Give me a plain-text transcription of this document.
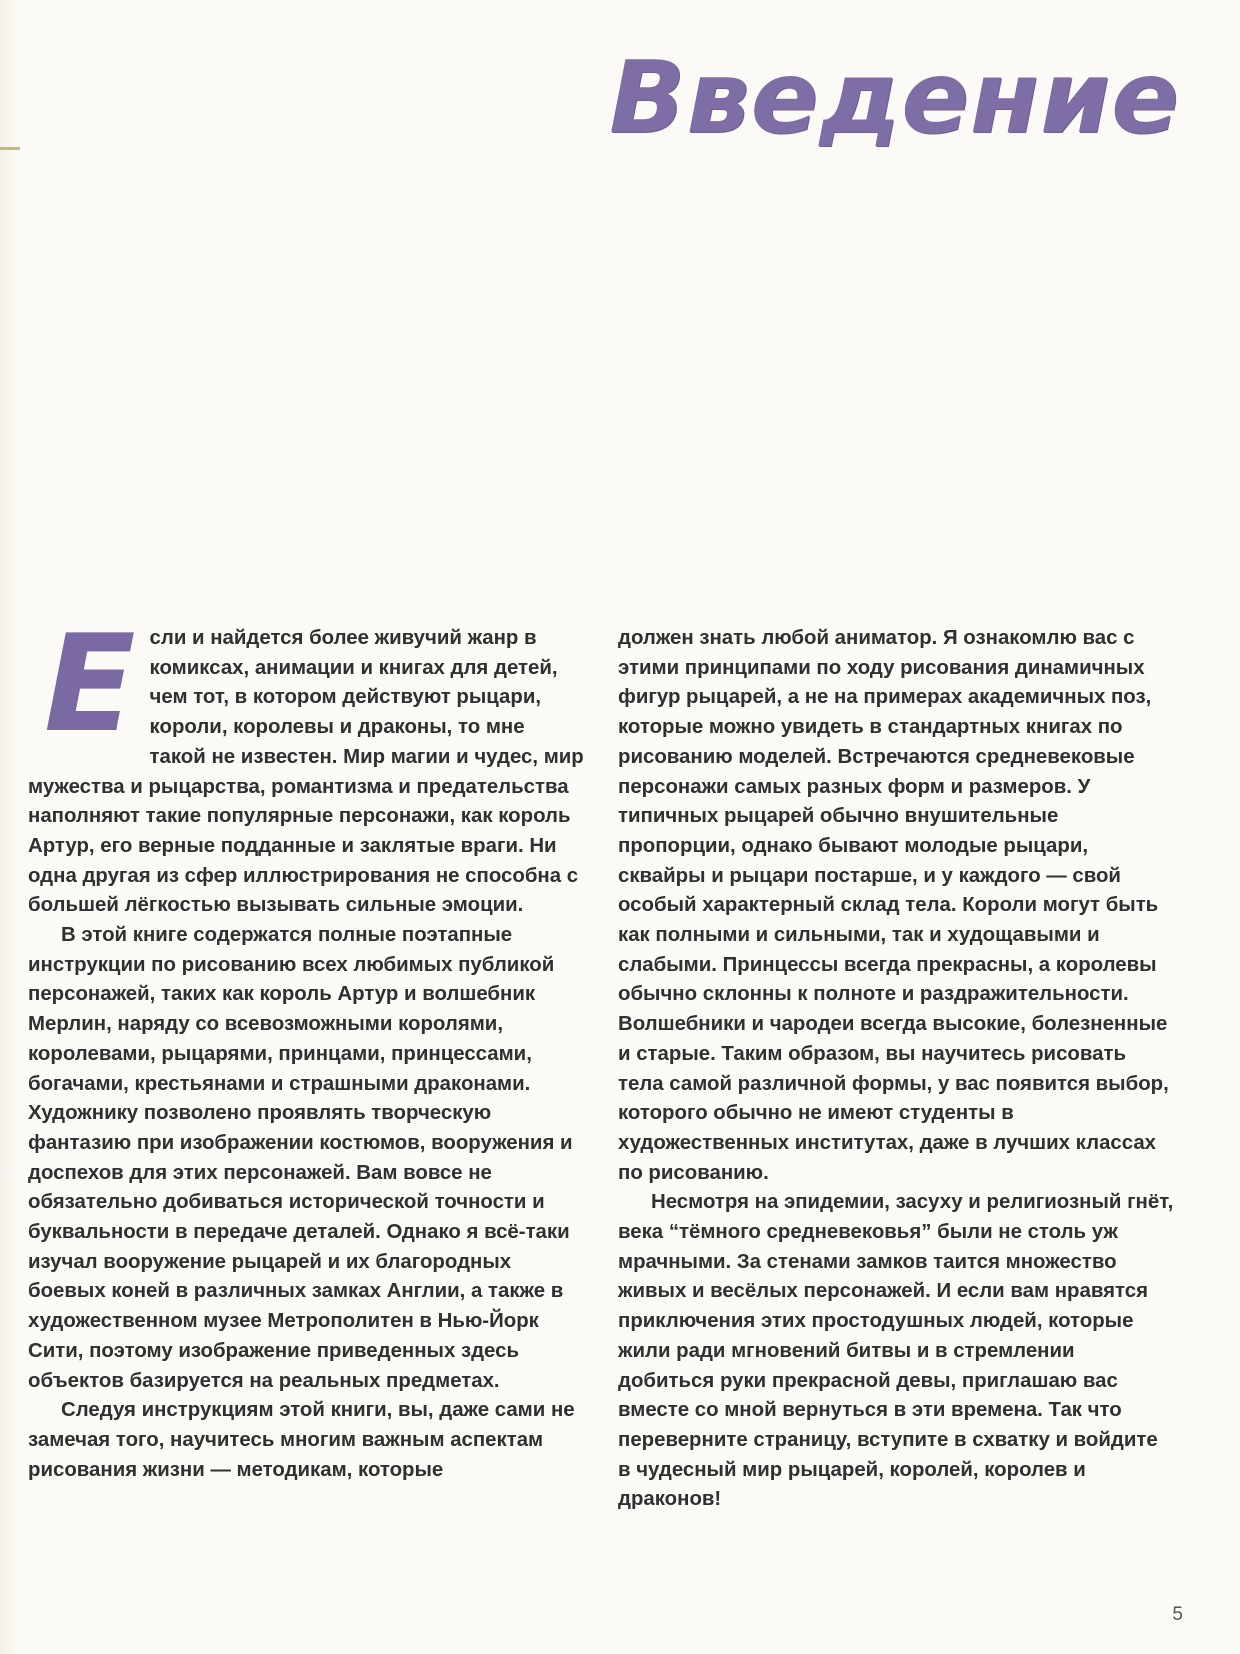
Введение

Если и найдется более живучий жанр в комиксах, анимации и книгах для детей, чем тот, в котором действуют рыцари, короли, королевы и драконы, то мне такой не известен. Мир магии и чудес, мир мужества и рыцарства, романтизма и предательства наполняют такие популярные персонажи, как король Артур, его верные подданные и заклятые враги. Ни одна другая из сфер иллюстрирования не способна с большей лёгкостью вызывать сильные эмоции.

В этой книге содержатся полные поэтапные инструкции по рисованию всех любимых публикой персонажей, таких как король Артур и волшебник Мерлин, наряду со всевозможными королями, королевами, рыцарями, принцами, принцессами, богачами, крестьянами и страшными драконами. Художнику позволено проявлять творческую фантазию при изображении костюмов, вооружения и доспехов для этих персонажей. Вам вовсе не обязательно добиваться исторической точности и буквальности в передаче деталей. Однако я всё-таки изучал вооружение рыцарей и их благородных боевых коней в различных замках Англии, а также в художественном музее Метрополитен в Нью-Йорк Сити, поэтому изображение приведенных здесь объектов базируется на реальных предметах.

Следуя инструкциям этой книги, вы, даже сами не замечая того, научитесь многим важным аспектам рисования жизни — методикам, которые

должен знать любой аниматор. Я ознакомлю вас с этими принципами по ходу рисования динамичных фигур рыцарей, а не на примерах академичных поз, которые можно увидеть в стандартных книгах по рисованию моделей. Встречаются средневековые персонажи самых разных форм и размеров. У типичных рыцарей обычно внушительные пропорции, однако бывают молодые рыцари, сквайры и рыцари постарше, и у каждого — свой особый характерный склад тела. Короли могут быть как полными и сильными, так и худощавыми и слабыми. Принцессы всегда прекрасны, а королевы обычно склонны к полноте и раздражительности. Волшебники и чародеи всегда высокие, болезненные и старые. Таким образом, вы научитесь рисовать тела самой различной формы, у вас появится выбор, которого обычно не имеют студенты в художественных институтах, даже в лучших классах по рисованию.

Несмотря на эпидемии, засуху и религиозный гнёт, века “тёмного средневековья” были не столь уж мрачными. За стенами замков таится множество живых и весёлых персонажей. И если вам нравятся приключения этих простодушных людей, которые жили ради мгновений битвы и в стремлении добиться руки прекрасной девы, приглашаю вас вместе со мной вернуться в эти времена. Так что переверните страницу, вступите в схватку и войдите в чудесный мир рыцарей, королей, королев и драконов!

5
